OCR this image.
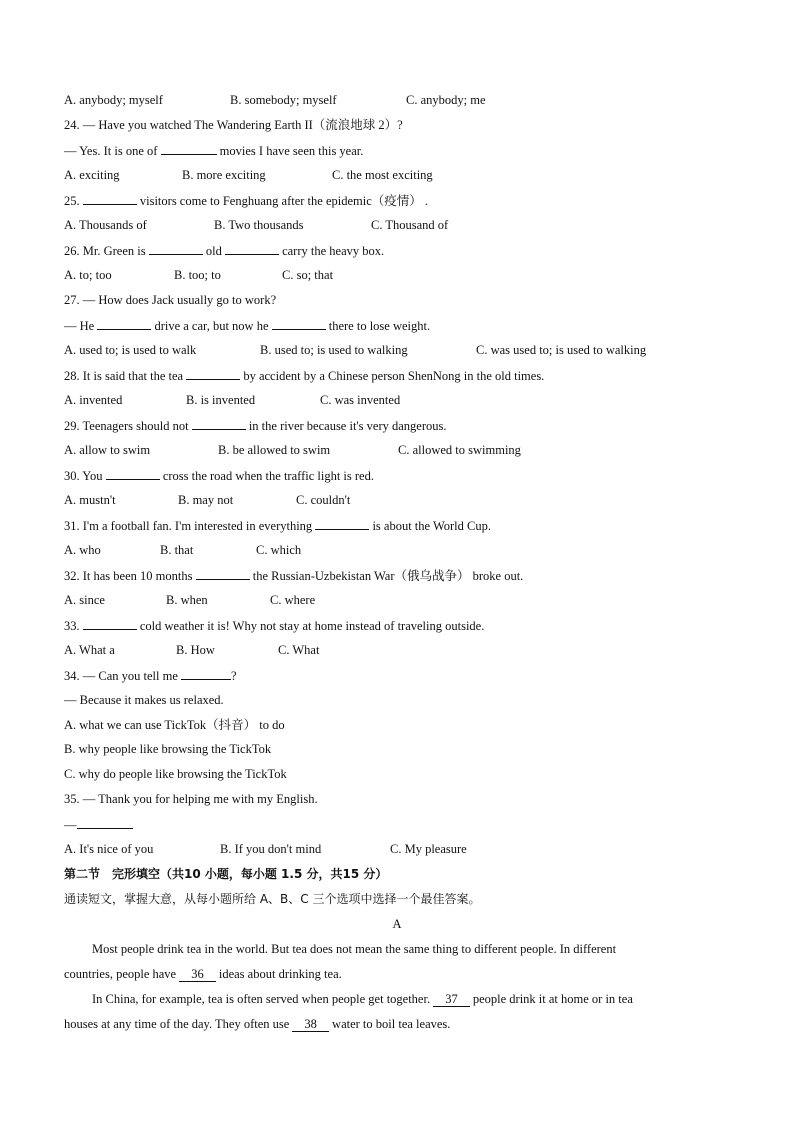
A. anybody; myself	B. somebody; myself	C. anybody; me
24. — Have you watched The Wandering Earth II（流浪地球 2）?
— Yes. It is one of	movies I have seen this year.
A. exciting	B. more exciting	C. the most exciting
25.	visitors come to Fenghuang after the epidemic（疫情） .
A. Thousands of	B. Two thousands	C. Thousand of
26. Mr. Green is	old	carry the heavy box.
A. to; too	B. too; to	C. so; that
27. — How does Jack usually go to work?
— He	drive a car, but now he	there to lose weight.
A. used to; is used to walk	B. used to; is used to walking	C. was used to; is used to walking
28. It is said that the tea	by accident by a Chinese person ShenNong in the old times.
A. invented	B. is invented	C. was invented
29. Teenagers should not	in the river because it's very dangerous.
A. allow to swim	B. be allowed to swim	C. allowed to swimming
30. You	cross the road when the traffic light is red.
A. mustn't	B. may not	C. couldn't
31. I'm a football fan. I'm interested in everything	is about the World Cup.
A. who	B. that	C. which
32. It has been 10 months	the Russian-Uzbekistan War（俄乌战争） broke out.
A. since	B. when	C. where
33.	cold weather it is! Why not stay at home instead of traveling outside.
A. What a	B. How	C. What
34. — Can you tell me	?
— Because it makes us relaxed.
A. what we can use TickTok（抖音） to do
B. why people like browsing the TickTok
C. why do people like browsing the TickTok
35. — Thank you for helping me with my English.
—
A. It's nice of you	B. If you don't mind	C. My pleasure
第二节　完形填空（共10 小题，每小题 1.5 分，共15 分）
通读短文，掌握大意，从每小题所给 A、B、C 三个选项中选择一个最佳答案。
A
Most people drink tea in the world. But tea does not mean the same thing to different people. In different
countries, people have 36 ideas about drinking tea.
In China, for example, tea is often served when people get together. 37 people drink it at home or in tea
houses at any time of the day. They often use 38 water to boil tea leaves.
